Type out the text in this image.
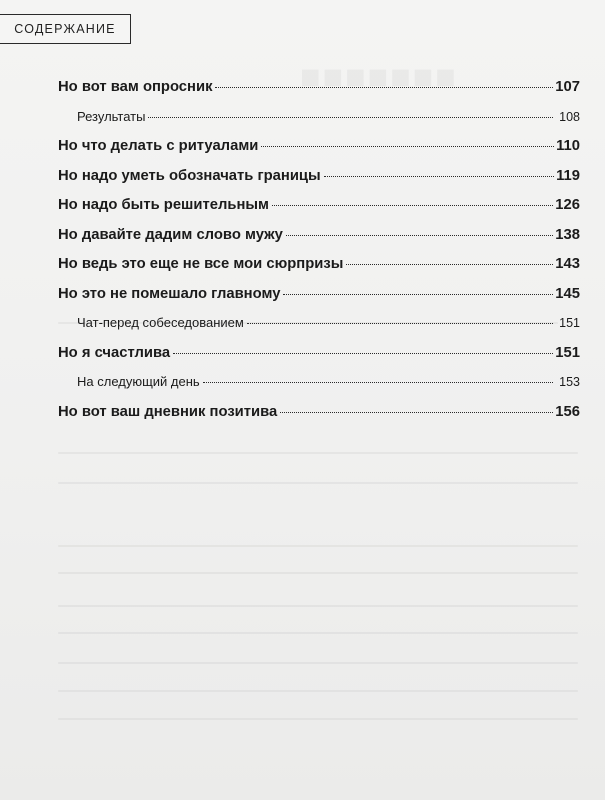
■■■■■■■
СОДЕРЖАНИЕ
Но вот вам опросник	107
Результаты	108
Но что делать с ритуалами	110
Но надо уметь обозначать границы	119
Но надо быть решительным	126
Но давайте дадим слово мужу	138
Но ведь это еще не все мои сюрпризы	143
Но это не помешало главному	145
Чат-перед собеседованием	151
Но я счастлива	151
На следующий день	153
Но вот ваш дневник позитива	156
